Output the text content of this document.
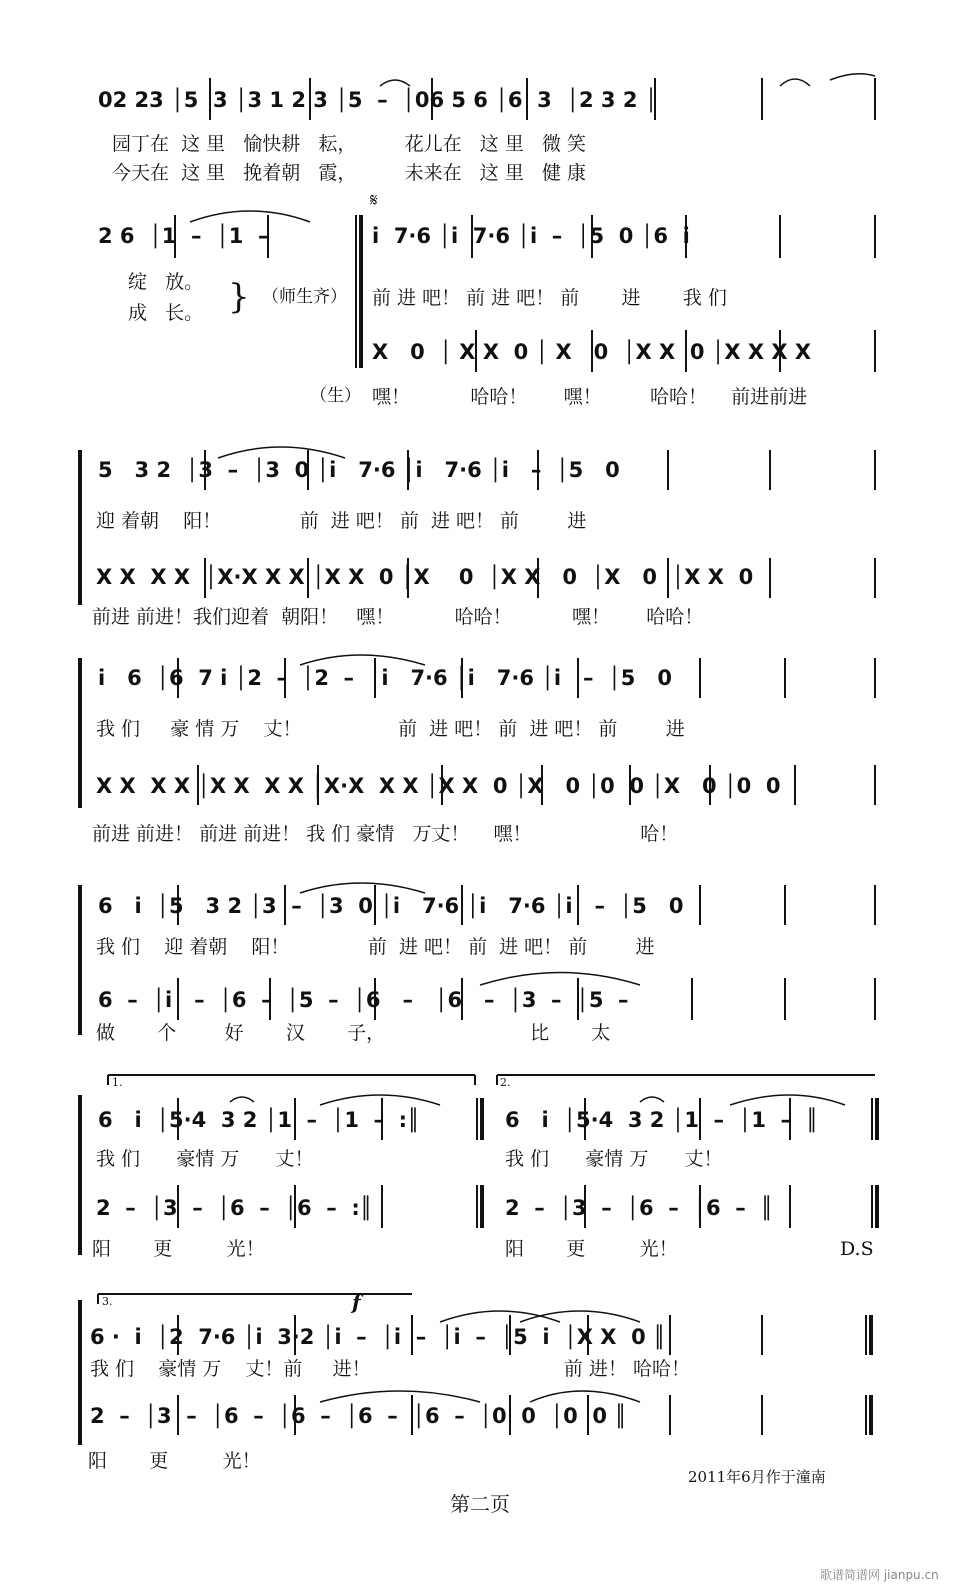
02 23 │5  3 │3 1 2 3 │5  –  │06 5 6 │6  3  │2 3 2 │
园丁在  这 里   愉快耕   耘，        花儿在   这 里   微 笑
今天在  这 里   挽着朝   霞，        未来在   这 里   健 康
2 6  │1  –  │1  –
𝄋
i  7·6 │i  7·6 │i  –  │5  0 │6  i
绽   放。
成   长。 } （师生齐） 前 进 吧！ 前 进 吧！ 前       进       我 们
X   0  │ X X  0 │ X   0  │X X  0 │X X X X
（生） 嘿！          哈哈！      嘿！        哈哈！    前进前进
5   3 2  │3  –  │3  0 │i   7·6 │i   7·6 │i   –  │5   0
迎 着朝    阳！             前  进 吧！ 前  进 吧！ 前        进
X X  X X  │X·X X X │X X  0 │X    0  │X X   0  │X   0  │X X  0
前进 前进！我们迎着  朝阳！   嘿！          哈哈！          嘿！      哈哈！
i   6  │6  7 i │2  –  │2  –  │i   7·6 │i   7·6 │i   –  │5   0
我 们     豪 情 万    丈！                前  进 吧！ 前  进 吧！ 前        进
X X  X X │X X  X X │X·X  X X │X X  0 │X   0 │0  0 │X   0 │0  0
前进 前进！ 前进 前进！ 我 们 豪情   万丈！    嘿！                  哈！
6   i  │5   3 2 │3  –  │3  0 │i   7·6 │i   7·6 │i   –  │5   0
我 们    迎 着朝    阳！             前  进 吧！ 前  进 吧！ 前        进
6  –  │i   –  │6  –  │5  –  │6   –   │6   –  │3  –  │5  –
做       个        好       汉       子，                        比       太
1.	2.
6   i  │5·4  3 2 │1  –  │1  –  :║	6   i  │5·4  3 2 │1  –  │1  –  ║
我 们      豪情 万      丈！	我 们      豪情 万      丈！
2  –  │3  –  │6  –  │6  –  :║	2  –  │3  –  │6  –  │6  –  ║
阳       更         光！	阳       更         光！	D.S
3.	f
6 ·  i  │2  7·6 │i  3·2 │i  –  │i  –  │i  –  │5  i  │X X  0 ║
我 们    豪情 万    丈！前     进！                                前 进！ 哈哈！
2  –  │3  –  │6  –  │6  –  │6  –  │6  –  │0  0  │0  0 ║
阳       更         光！
2011年6月作于潼南
第二页
歌谱简谱网 jianpu.cn
